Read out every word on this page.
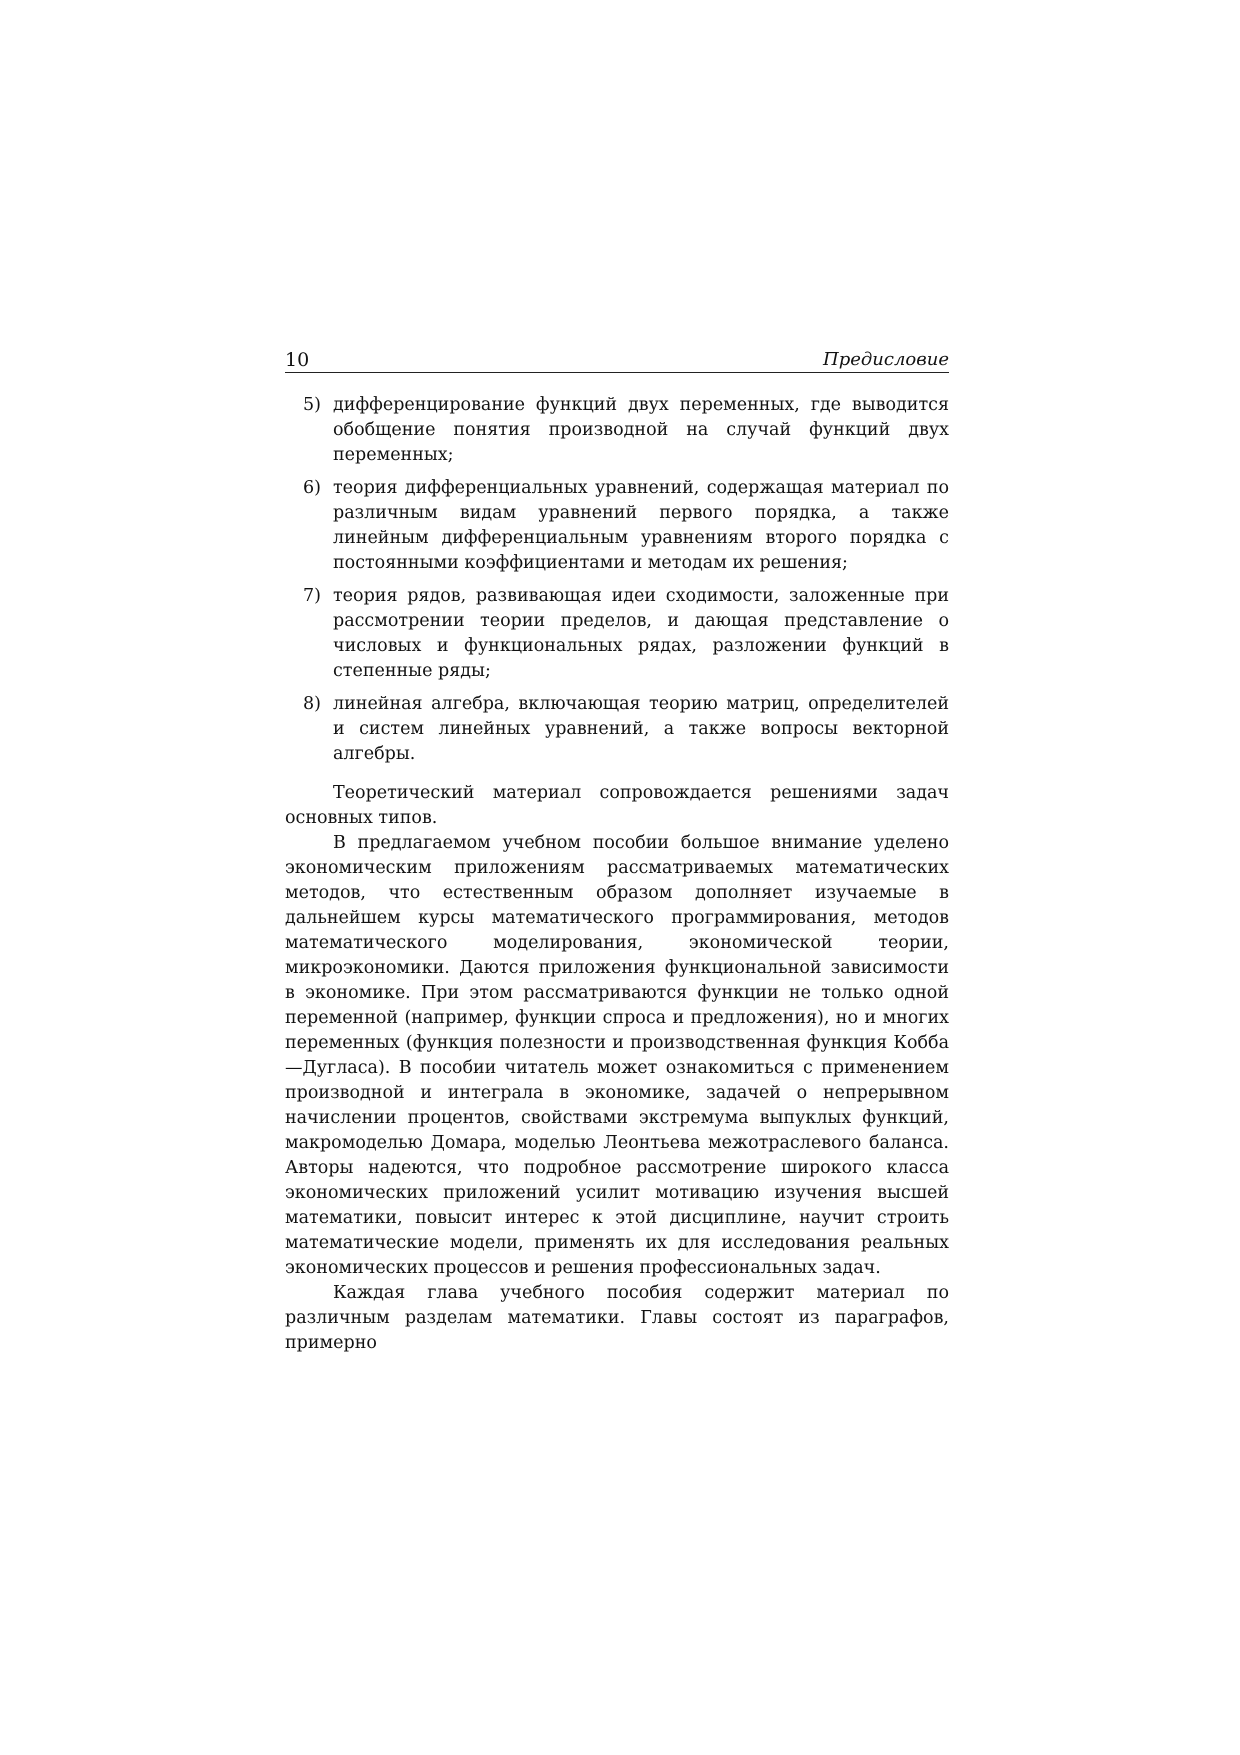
10	Предисловие
5) дифференцирование функций двух переменных, где выводится обобщение понятия производной на случай функций двух переменных;
6) теория дифференциальных уравнений, содержащая материал по различным видам уравнений первого порядка, а также линейным дифференциальным уравнениям второго порядка с постоянными коэффициентами и методам их решения;
7) теория рядов, развивающая идеи сходимости, заложенные при рассмотрении теории пределов, и дающая представление о числовых и функциональных рядах, разложении функций в степенные ряды;
8) линейная алгебра, включающая теорию матриц, определителей и систем линейных уравнений, а также вопросы векторной алгебры.

Теоретический материал сопровождается решениями задач основных типов.

В предлагаемом учебном пособии большое внимание уделено экономическим приложениям рассматриваемых математических методов, что естественным образом дополняет изучаемые в дальнейшем курсы математического программирования, методов математического моделирования, экономической теории, микроэкономики. Даются приложения функциональной зависимости в экономике. При этом рассматриваются функции не только одной переменной (например, функции спроса и предложения), но и многих переменных (функция полезности и производственная функция Кобба—Дугласа). В пособии читатель может ознакомиться с применением производной и интеграла в экономике, задачей о непрерывном начислении процентов, свойствами экстремума выпуклых функций, макромоделью Домара, моделью Леонтьева межотраслевого баланса. Авторы надеются, что подробное рассмотрение широкого класса экономических приложений усилит мотивацию изучения высшей математики, повысит интерес к этой дисциплине, научит строить математические модели, применять их для исследования реальных экономических процессов и решения профессиональных задач.

Каждая глава учебного пособия содержит материал по различным разделам математики. Главы состоят из параграфов, примерно
